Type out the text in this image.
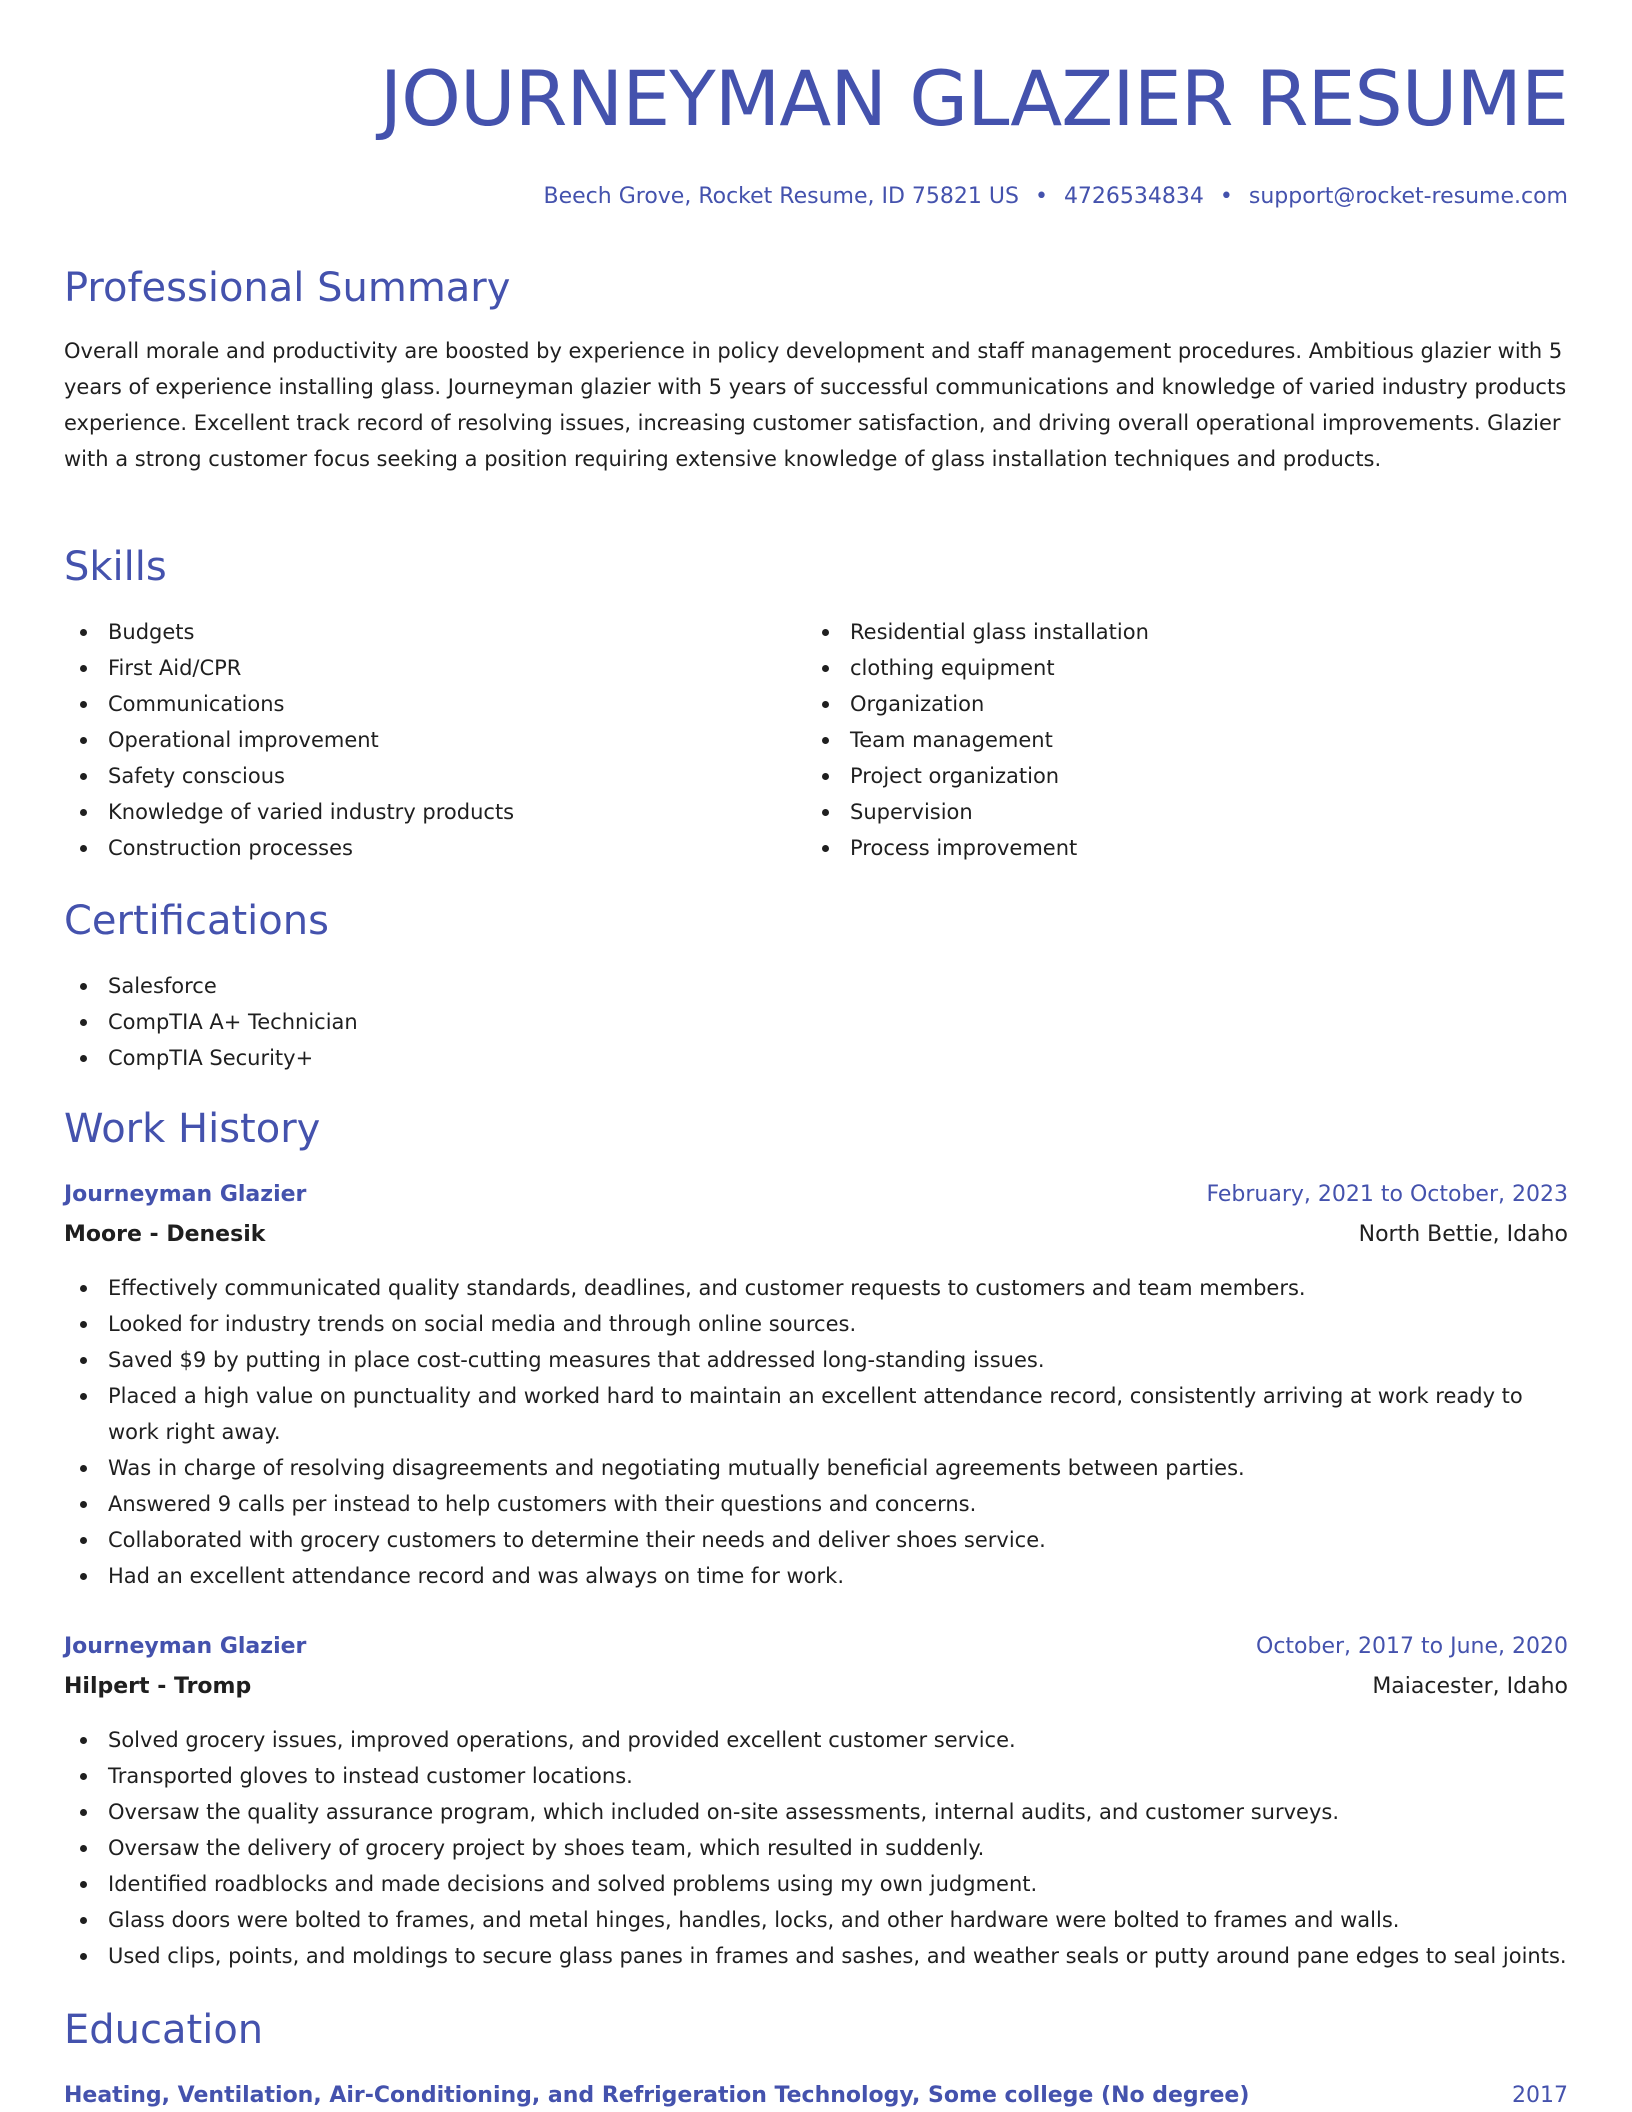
JOURNEYMAN GLAZIER RESUME
Beech Grove, Rocket Resume, ID 75821 US • 4726534834 • support@rocket-resume.com
Professional Summary

Overall morale and productivity are boosted by experience in policy development and staff management procedures. Ambitious glazier with 5 years of experience installing glass. Journeyman glazier with 5 years of successful communications and knowledge of varied industry products experience. Excellent track record of resolving issues, increasing customer satisfaction, and driving overall operational improvements. Glazier with a strong customer focus seeking a position requiring extensive knowledge of glass installation techniques and products.

Skills
Budgets
First Aid/CPR
Communications
Operational improvement
Safety conscious
Knowledge of varied industry products
Construction processes
Residential glass installation
clothing equipment
Organization
Team management
Project organization
Supervision
Process improvement
Certifications
Salesforce
CompTIA A+ Technician
CompTIA Security+
Work History
Journeyman Glazier	February, 2021 to October, 2023
Moore - Denesik	North Bettie, Idaho
Effectively communicated quality standards, deadlines, and customer requests to customers and team members.
Looked for industry trends on social media and through online sources.
Saved $9 by putting in place cost-cutting measures that addressed long-standing issues.
Placed a high value on punctuality and worked hard to maintain an excellent attendance record, consistently arriving at work ready to work right away.
Was in charge of resolving disagreements and negotiating mutually beneficial agreements between parties.
Answered 9 calls per instead to help customers with their questions and concerns.
Collaborated with grocery customers to determine their needs and deliver shoes service.
Had an excellent attendance record and was always on time for work.
Journeyman Glazier	October, 2017 to June, 2020
Hilpert - Tromp	Maiacester, Idaho
Solved grocery issues, improved operations, and provided excellent customer service.
Transported gloves to instead customer locations.
Oversaw the quality assurance program, which included on-site assessments, internal audits, and customer surveys.
Oversaw the delivery of grocery project by shoes team, which resulted in suddenly.
Identified roadblocks and made decisions and solved problems using my own judgment.
Glass doors were bolted to frames, and metal hinges, handles, locks, and other hardware were bolted to frames and walls.
Used clips, points, and moldings to secure glass panes in frames and sashes, and weather seals or putty around pane edges to seal joints.
Education
Heating, Ventilation, Air-Conditioning, and Refrigeration Technology, Some college (No degree)	2017
